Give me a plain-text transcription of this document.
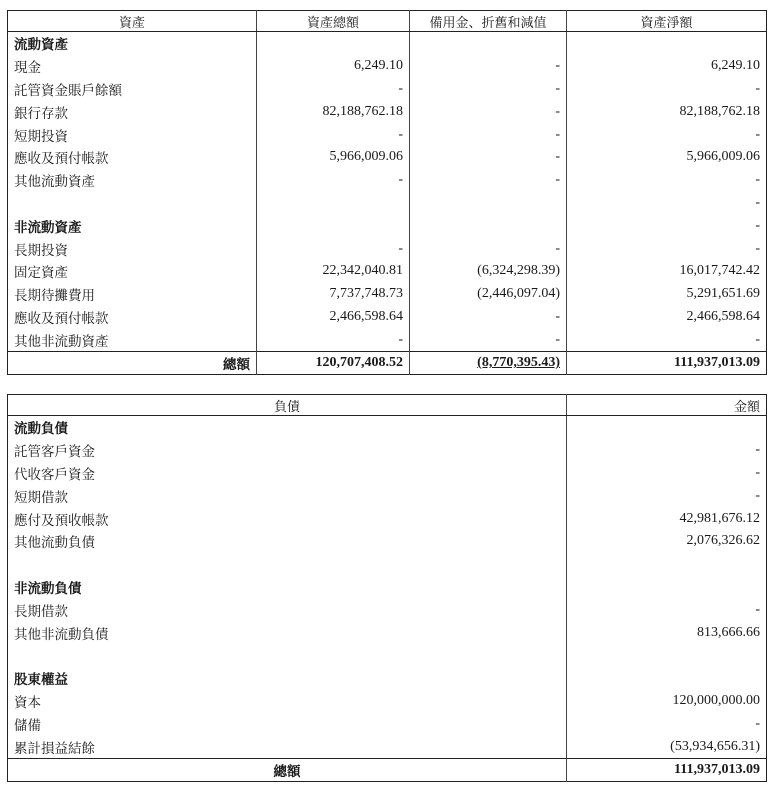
資產	資產總額	備用金、折舊和減值	資產淨額
流動資產			
現金	6,249.10	-	6,249.10
託管資金賬戶餘額	-	-	-
銀行存款	82,188,762.18	-	82,188,762.18
短期投資	-	-	-
應收及預付帳款	5,966,009.06	-	5,966,009.06
其他流動資產	-	-	-
			-
非流動資產			-
長期投資	-	-	-
固定資產	22,342,040.81	(6,324,298.39)	16,017,742.42
長期待攤費用	7,737,748.73	(2,446,097.04)	5,291,651.69
應收及預付帳款	2,466,598.64	-	2,466,598.64
其他非流動資產	-	-	-
總額	120,707,408.52	(8,770,395.43)	111,937,013.09
負債	金額
流動負債	
託管客戶資金	-
代收客戶資金	-
短期借款	-
應付及預收帳款	42,981,676.12
其他流動負債	2,076,326.62

非流動負債	
長期借款	-
其他非流動負債	813,666.66

股東權益	
資本	120,000,000.00
儲備	-
累計損益結餘	(53,934,656.31)
總額	111,937,013.09
